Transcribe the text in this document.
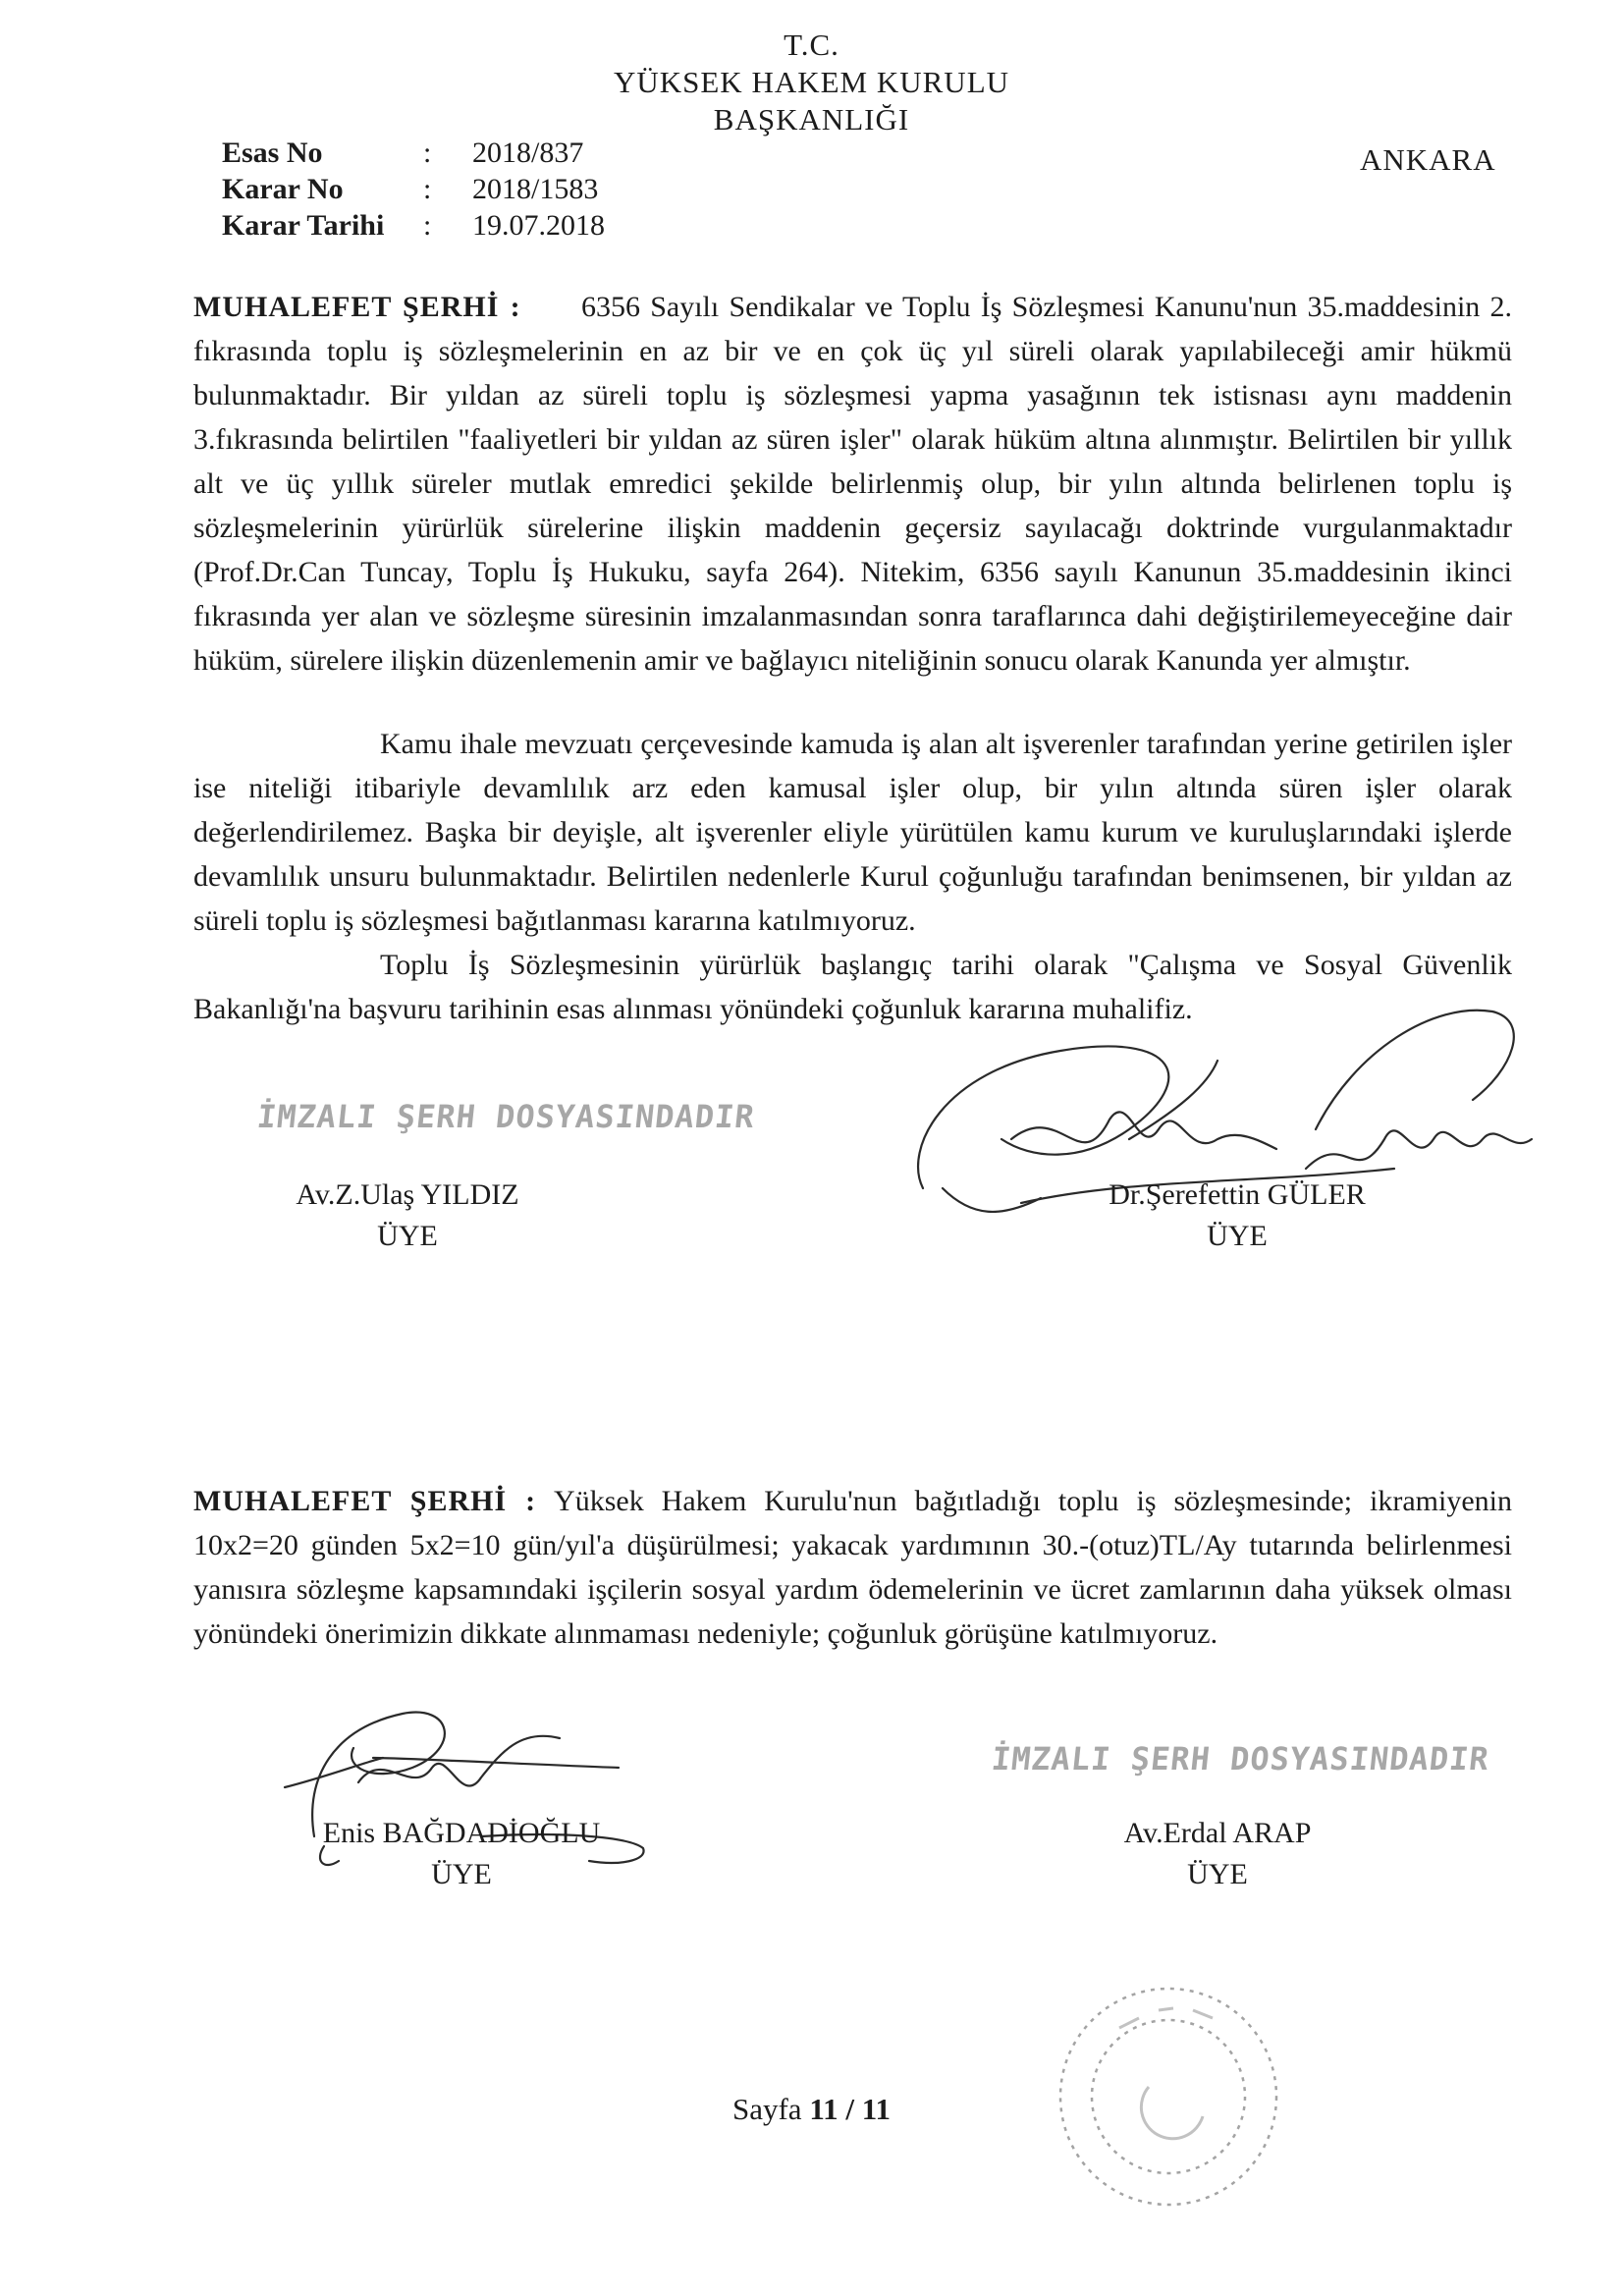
T.C.
YÜKSEK HAKEM KURULU
BAŞKANLIĞI
Esas No	:	2018/837
Karar No	:	2018/1583
Karar Tarihi	:	19.07.2018
ANKARA

MUHALEFET ŞERHİ : 6356 Sayılı Sendikalar ve Toplu İş Sözleşmesi Kanunu'nun 35.maddesinin 2. fıkrasında toplu iş sözleşmelerinin en az bir ve en çok üç yıl süreli olarak yapılabileceği amir hükmü bulunmaktadır. Bir yıldan az süreli toplu iş sözleşmesi yapma yasağının tek istisnası aynı maddenin 3.fıkrasında belirtilen "faaliyetleri bir yıldan az süren işler" olarak hüküm altına alınmıştır. Belirtilen bir yıllık alt ve üç yıllık süreler mutlak emredici şekilde belirlenmiş olup, bir yılın altında belirlenen toplu iş sözleşmelerinin yürürlük sürelerine ilişkin maddenin geçersiz sayılacağı doktrinde vurgulanmaktadır (Prof.Dr.Can Tuncay, Toplu İş Hukuku, sayfa 264). Nitekim, 6356 sayılı Kanunun 35.maddesinin ikinci fıkrasında yer alan ve sözleşme süresinin imzalanmasından sonra taraflarınca dahi değiştirilemeyeceğine dair hüküm, sürelere ilişkin düzenlemenin amir ve bağlayıcı niteliğinin sonucu olarak Kanunda yer almıştır.

Kamu ihale mevzuatı çerçevesinde kamuda iş alan alt işverenler tarafından yerine getirilen işler ise niteliği itibariyle devamlılık arz eden kamusal işler olup, bir yılın altında süren işler olarak değerlendirilemez. Başka bir deyişle, alt işverenler eliyle yürütülen kamu kurum ve kuruluşlarındaki işlerde devamlılık unsuru bulunmaktadır. Belirtilen nedenlerle Kurul çoğunluğu tarafından benimsenen, bir yıldan az süreli toplu iş sözleşmesi bağıtlanması kararına katılmıyoruz.

Toplu İş Sözleşmesinin yürürlük başlangıç tarihi olarak "Çalışma ve Sosyal Güvenlik Bakanlığı'na başvuru tarihinin esas alınması yönündeki çoğunluk kararına muhalifiz.

İMZALI ŞERH DOSYASINDADIR
Av.Z.Ulaş YILDIZ
ÜYE
Dr.Şerefettin GÜLER
ÜYE

MUHALEFET ŞERHİ : Yüksek Hakem Kurulu'nun bağıtladığı toplu iş sözleşmesinde; ikramiyenin 10x2=20 günden 5x2=10 gün/yıl'a düşürülmesi; yakacak yardımının 30.-(otuz)TL/Ay tutarında belirlenmesi yanısıra sözleşme kapsamındaki işçilerin sosyal yardım ödemelerinin ve ücret zamlarının daha yüksek olması yönündeki önerimizin dikkate alınmaması nedeniyle; çoğunluk görüşüne katılmıyoruz.

Enis BAĞDADİOĞLU
ÜYE
İMZALI ŞERH DOSYASINDADIR
Av.Erdal ARAP
ÜYE
Sayfa 11 / 11
